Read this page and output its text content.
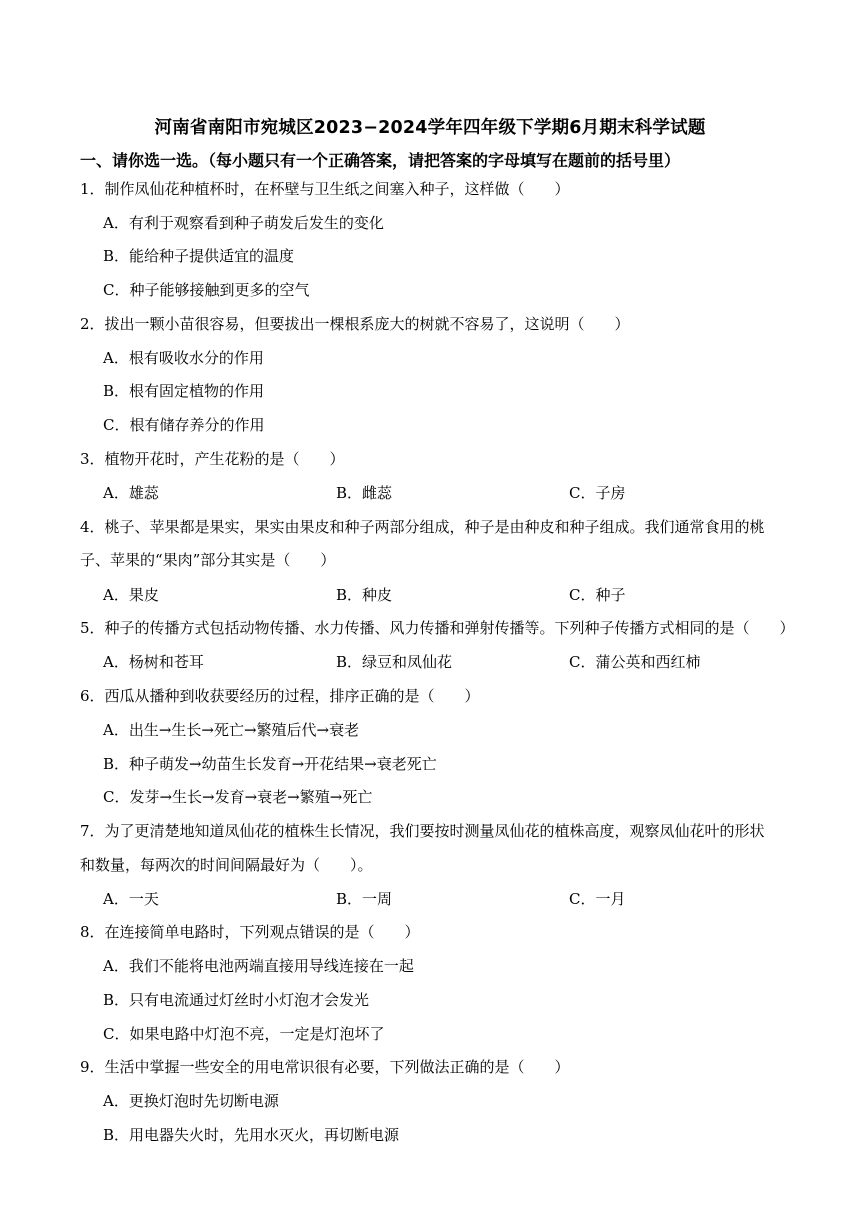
河南省南阳市宛城区2023−2024学年四年级下学期6月期末科学试题
一、请你选一选。（每小题只有一个正确答案，请把答案的字母填写在题前的括号里）
1．制作凤仙花种植杯时，在杯壁与卫生纸之间塞入种子，这样做（　　）
A．有利于观察看到种子萌发后发生的变化
B．能给种子提供适宜的温度
C．种子能够接触到更多的空气
2．拔出一颗小苗很容易，但要拔出一棵根系庞大的树就不容易了，这说明（　　）
A．根有吸收水分的作用
B．根有固定植物的作用
C．根有储存养分的作用
3．植物开花时，产生花粉的是（　　）
A．雄蕊	B．雌蕊	C．子房
4．桃子、苹果都是果实，果实由果皮和种子两部分组成，种子是由种皮和种子组成。我们通常食用的桃
子、苹果的“果肉”部分其实是（　　）
A．果皮	B．种皮	C．种子
5．种子的传播方式包括动物传播、水力传播、风力传播和弹射传播等。下列种子传播方式相同的是（　　）
A．杨树和苍耳	B．绿豆和凤仙花	C．蒲公英和西红柿
6．西瓜从播种到收获要经历的过程，排序正确的是（　　）
A．出生→生长→死亡→繁殖后代→衰老
B．种子萌发→幼苗生长发育→开花结果→衰老死亡
C．发芽→生长→发育→衰老→繁殖→死亡
7．为了更清楚地知道凤仙花的植株生长情况，我们要按时测量凤仙花的植株高度，观察凤仙花叶的形状
和数量，每两次的时间间隔最好为（　　）。
A．一天	B．一周	C．一月
8．在连接简单电路时，下列观点错误的是（　　）
A．我们不能将电池两端直接用导线连接在一起
B．只有电流通过灯丝时小灯泡才会发光
C．如果电路中灯泡不亮，一定是灯泡坏了
9．生活中掌握一些安全的用电常识很有必要，下列做法正确的是（　　）
A．更换灯泡时先切断电源
B．用电器失火时，先用水灭火，再切断电源
